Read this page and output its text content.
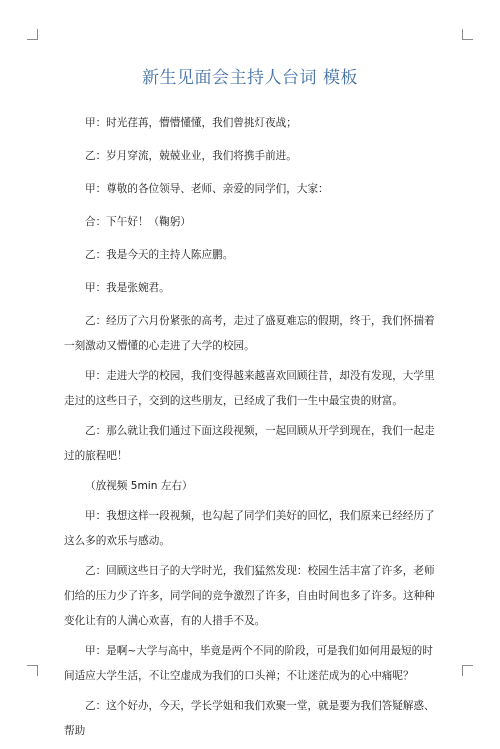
新生见面会主持人台词 模板

甲：时光荏苒，懵懵懂懂，我们曾挑灯夜战；

乙：岁月穿流，兢兢业业，我们将携手前进。

甲：尊敬的各位领导、老师、亲爱的同学们，大家：

合：下午好！（鞠躬）

乙：我是今天的主持人陈应鹏。

甲：我是张婉君。

乙：经历了六月份紧张的高考，走过了盛夏难忘的假期，终于，我们怀揣着一刻激动又懵懂的心走进了大学的校园。

甲：走进大学的校园，我们变得越来越喜欢回顾往昔，却没有发现，大学里走过的这些日子，交到的这些朋友，已经成了我们一生中最宝贵的财富。

乙：那么就让我们通过下面这段视频，一起回顾从开学到现在，我们一起走过的旅程吧！

（放视频 5min 左右）

甲：我想这样一段视频，也勾起了同学们美好的回忆，我们原来已经经历了这么多的欢乐与感动。

乙：回顾这些日子的大学时光，我们猛然发现：校园生活丰富了许多，老师们给的压力少了许多，同学间的竞争激烈了许多，自由时间也多了许多。这种种变化让有的人满心欢喜，有的人措手不及。

甲：是啊~大学与高中，毕竟是两个不同的阶段，可是我们如何用最短的时间适应大学生活，不让空虚成为我们的口头禅；不让迷茫成为的心中痛呢？

乙：这个好办，今天，学长学姐和我们欢聚一堂，就是要为我们答疑解惑、帮助
